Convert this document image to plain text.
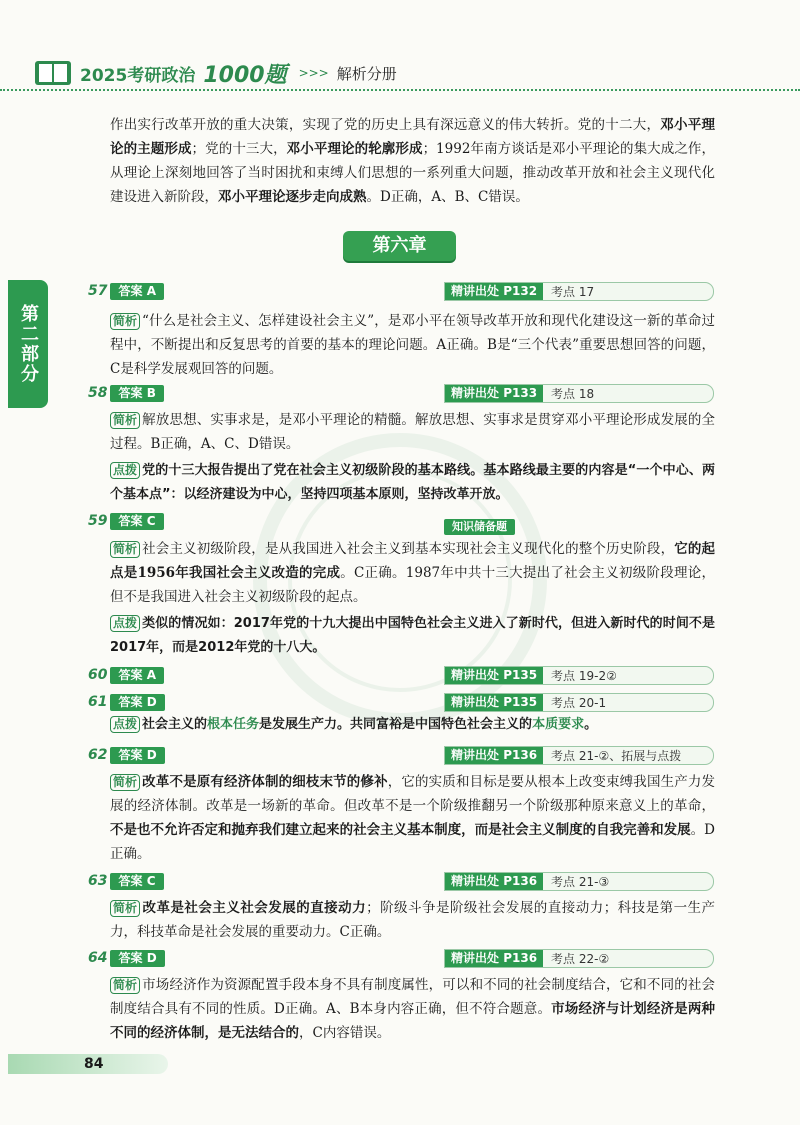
2025考研政治 1000题 >>> 解析分册
作出实行改革开放的重大决策，实现了党的历史上具有深远意义的伟大转折。党的十二大，邓小平理论的主题形成；党的十三大，邓小平理论的轮廓形成；1992年南方谈话是邓小平理论的集大成之作，从理论上深刻地回答了当时困扰和束缚人们思想的一系列重大问题，推动改革开放和社会主义现代化建设进入新阶段，邓小平理论逐步走向成熟。D正确，A、B、C错误。
第六章
第二部分
57 答案 A	精讲出处 P132	考点 17
简析 “什么是社会主义、怎样建设社会主义”，是邓小平在领导改革开放和现代化建设这一新的革命过程中，不断提出和反复思考的首要的基本的理论问题。A正确。B是“三个代表”重要思想回答的问题，C是科学发展观回答的问题。
58 答案 B	精讲出处 P133	考点 18
简析 解放思想、实事求是，是邓小平理论的精髓。解放思想、实事求是贯穿邓小平理论形成发展的全过程。B正确，A、C、D错误。
点拨 党的十三大报告提出了党在社会主义初级阶段的基本路线。基本路线最主要的内容是“一个中心、两个基本点”：以经济建设为中心，坚持四项基本原则，坚持改革开放。
59 答案 C	知识储备题
简析 社会主义初级阶段，是从我国进入社会主义到基本实现社会主义现代化的整个历史阶段，它的起点是1956年我国社会主义改造的完成。C正确。1987年中共十三大提出了社会主义初级阶段理论，但不是我国进入社会主义初级阶段的起点。
点拨 类似的情况如：2017年党的十九大提出中国特色社会主义进入了新时代，但进入新时代的时间不是2017年，而是2012年党的十八大。
60 答案 A	精讲出处 P135	考点 19-2②
61 答案 D	精讲出处 P135	考点 20-1
点拨 社会主义的根本任务是发展生产力。共同富裕是中国特色社会主义的本质要求。
62 答案 D	精讲出处 P136	考点 21-②、拓展与点拨
简析 改革不是原有经济体制的细枝末节的修补，它的实质和目标是要从根本上改变束缚我国生产力发展的经济体制。改革是一场新的革命。但改革不是一个阶级推翻另一个阶级那种原来意义上的革命，不是也不允许否定和抛弃我们建立起来的社会主义基本制度，而是社会主义制度的自我完善和发展。D正确。
63 答案 C	精讲出处 P136	考点 21-③
简析 改革是社会主义社会发展的直接动力；阶级斗争是阶级社会发展的直接动力；科技是第一生产力，科技革命是社会发展的重要动力。C正确。
64 答案 D	精讲出处 P136	考点 22-②
简析 市场经济作为资源配置手段本身不具有制度属性，可以和不同的社会制度结合，它和不同的社会制度结合具有不同的性质。D正确。A、B本身内容正确，但不符合题意。市场经济与计划经济是两种不同的经济体制，是无法结合的，C内容错误。
84
